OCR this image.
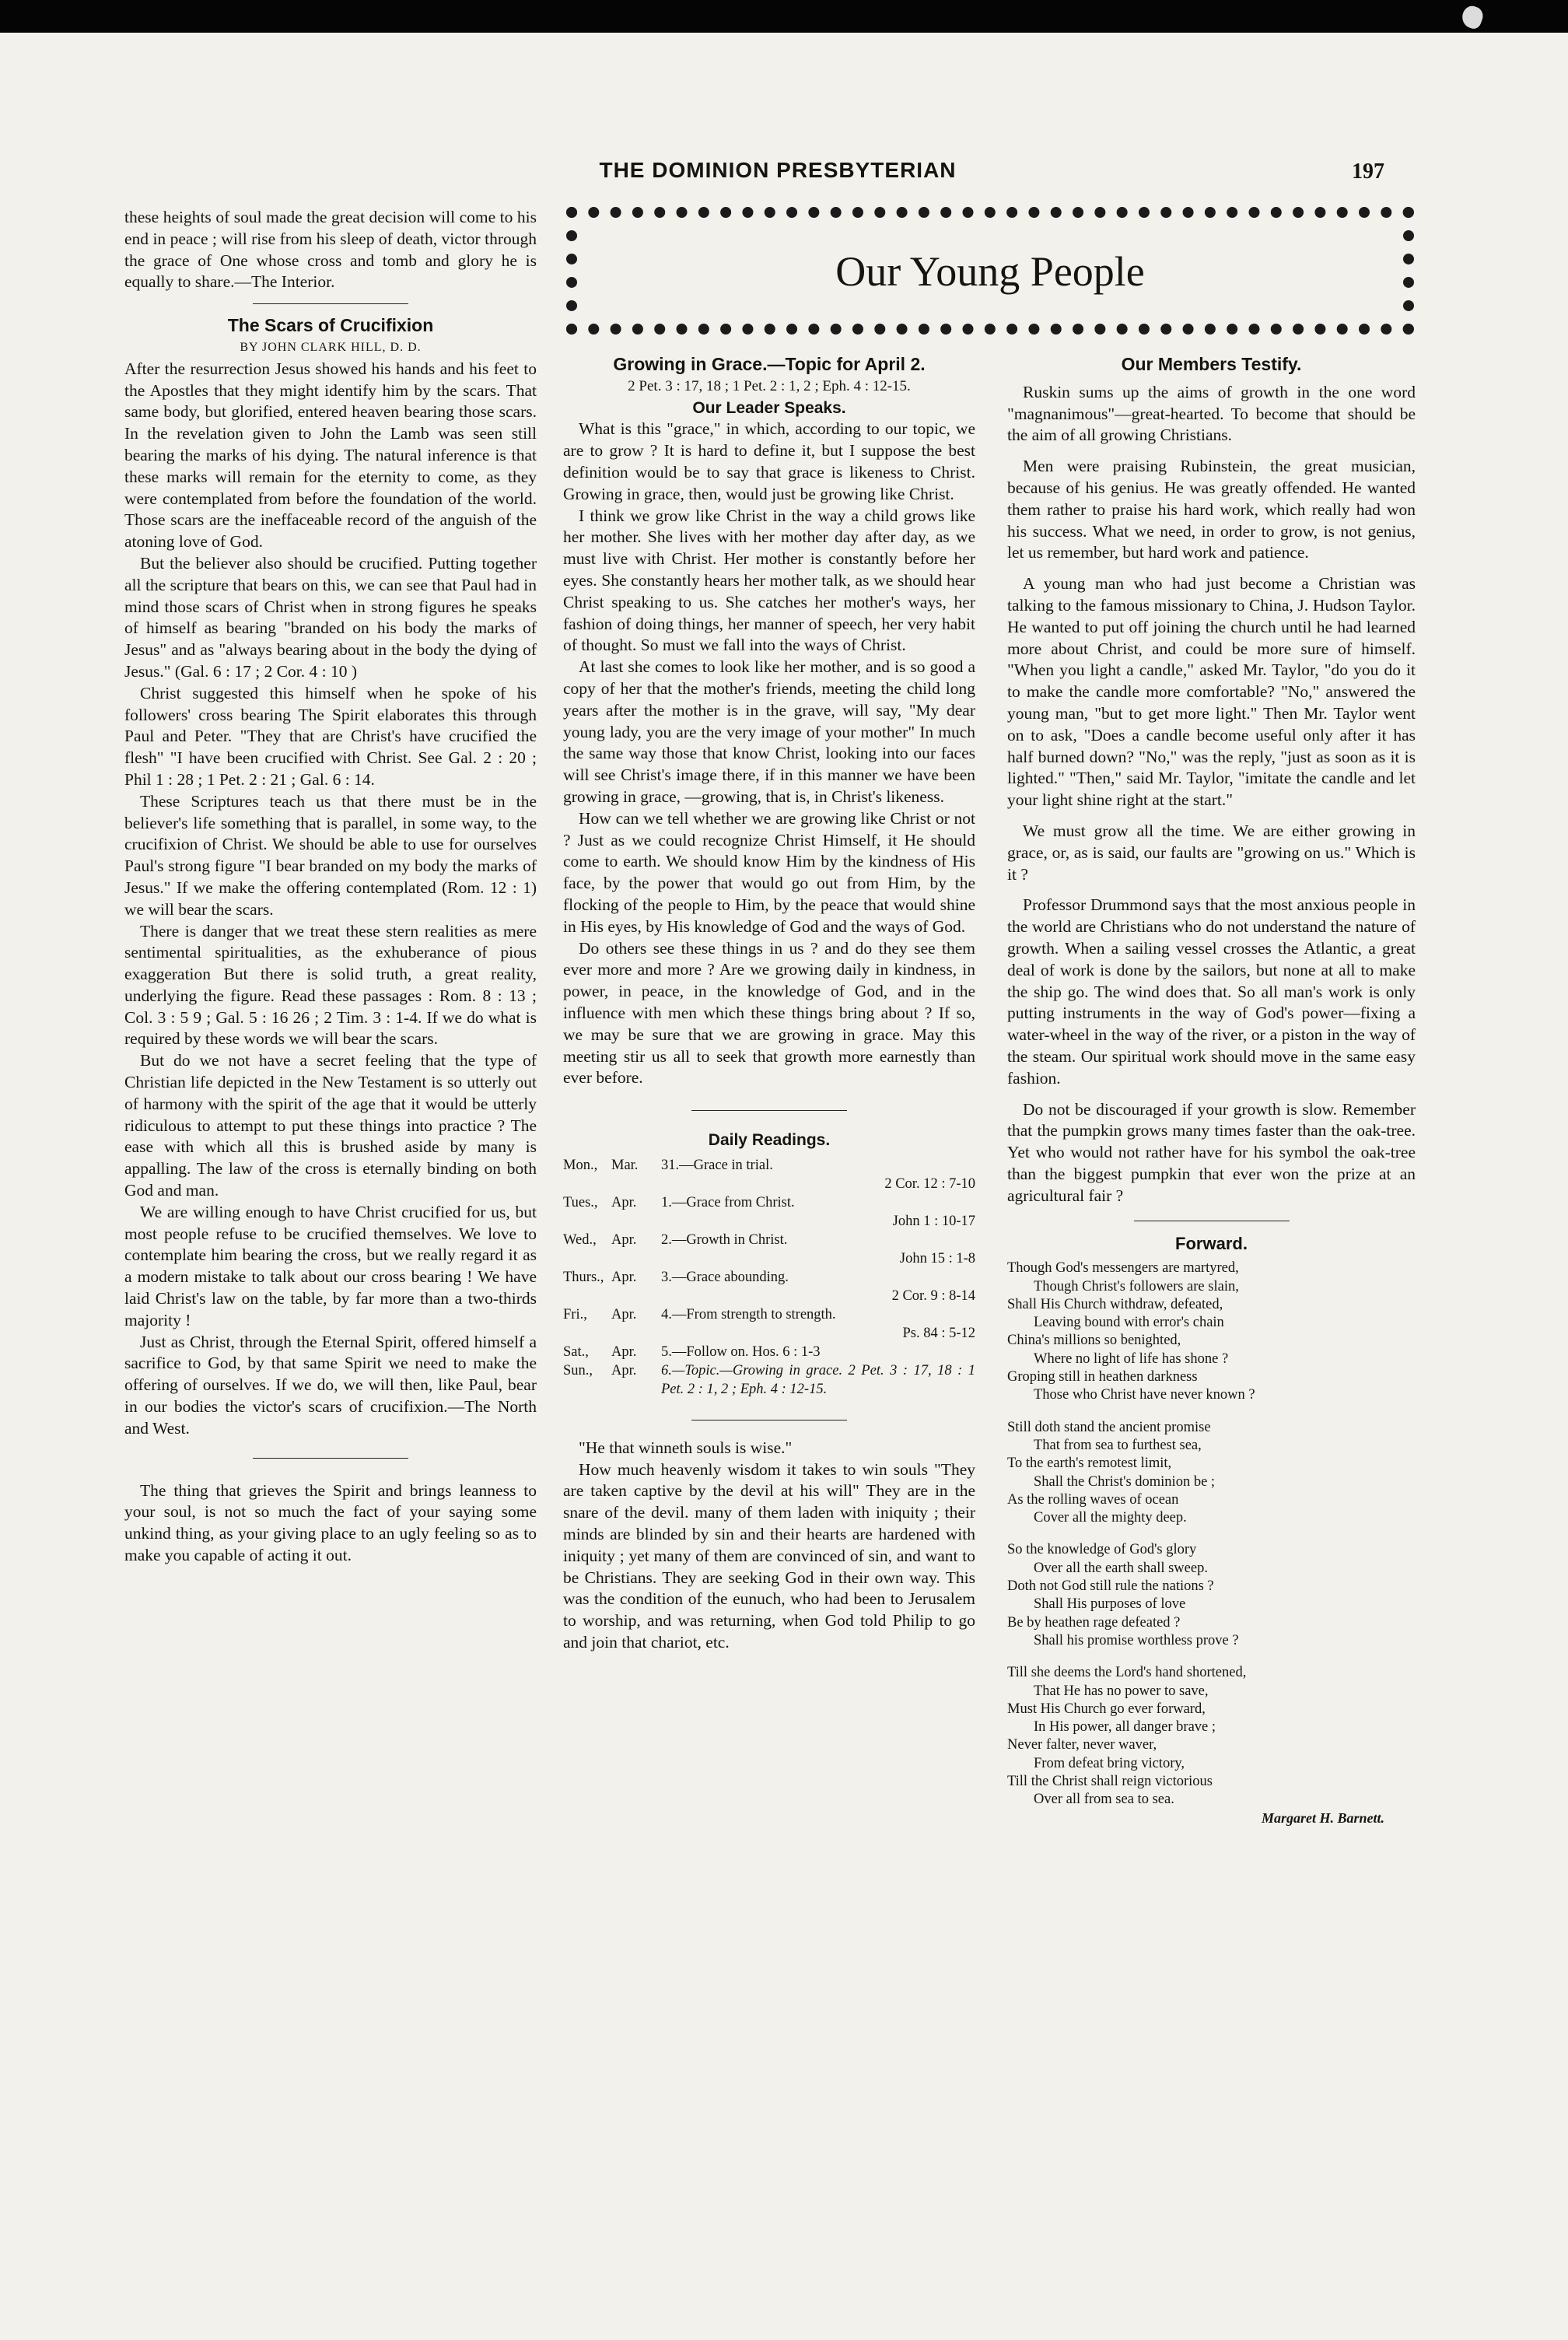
THE DOMINION PRESBYTERIAN	197
Our Young People

these heights of soul made the great decision will come to his end in peace ; will rise from his sleep of death, victor through the grace of One whose cross and tomb and glory he is equally to share.—The Interior.

The Scars of Crucifixion

BY JOHN CLARK HILL, D. D.

After the resurrection Jesus showed his hands and his feet to the Apostles that they might identify him by the scars. That same body, but glorified, entered heaven bearing those scars. In the revelation given to John the Lamb was seen still bearing the marks of his dying. The natural inference is that these marks will remain for the eternity to come, as they were contemplated from before the foundation of the world. Those scars are the ineffaceable record of the anguish of the atoning love of God.

But the believer also should be crucified. Putting together all the scripture that bears on this, we can see that Paul had in mind those scars of Christ when in strong figures he speaks of himself as bearing "branded on his body the marks of Jesus" and as "always bearing about in the body the dying of Jesus." (Gal. 6 : 17 ; 2 Cor. 4 : 10 )

Christ suggested this himself when he spoke of his followers' cross bearing The Spirit elaborates this through Paul and Peter. "They that are Christ's have crucified the flesh" "I have been crucified with Christ. See Gal. 2 : 20 ; Phil 1 : 28 ; 1 Pet. 2 : 21 ; Gal. 6 : 14.

These Scriptures teach us that there must be in the believer's life something that is parallel, in some way, to the crucifixion of Christ. We should be able to use for ourselves Paul's strong figure "I bear branded on my body the marks of Jesus." If we make the offering contemplated (Rom. 12 : 1) we will bear the scars.

There is danger that we treat these stern realities as mere sentimental spiritualities, as the exhuberance of pious exaggeration But there is solid truth, a great reality, underlying the figure. Read these passages : Rom. 8 : 13 ; Col. 3 : 5 9 ; Gal. 5 : 16 26 ; 2 Tim. 3 : 1-4. If we do what is required by these words we will bear the scars.

But do we not have a secret feeling that the type of Christian life depicted in the New Testament is so utterly out of harmony with the spirit of the age that it would be utterly ridiculous to attempt to put these things into practice ? The ease with which all this is brushed aside by many is appalling. The law of the cross is eternally binding on both God and man.

We are willing enough to have Christ crucified for us, but most people refuse to be crucified themselves. We love to contemplate him bearing the cross, but we really regard it as a modern mistake to talk about our cross bearing ! We have laid Christ's law on the table, by far more than a two-thirds majority !

Just as Christ, through the Eternal Spirit, offered himself a sacrifice to God, by that same Spirit we need to make the offering of ourselves. If we do, we will then, like Paul, bear in our bodies the victor's scars of crucifixion.—The North and West.

The thing that grieves the Spirit and brings leanness to your soul, is not so much the fact of your saying some unkind thing, as your giving place to an ugly feeling so as to make you capable of acting it out.

Growing in Grace.—Topic for April 2.

2 Pet. 3 : 17, 18 ; 1 Pet. 2 : 1, 2 ; Eph. 4 : 12-15.

Our Leader Speaks.

What is this "grace," in which, according to our topic, we are to grow ? It is hard to define it, but I suppose the best definition would be to say that grace is likeness to Christ. Growing in grace, then, would just be growing like Christ.

I think we grow like Christ in the way a child grows like her mother. She lives with her mother day after day, as we must live with Christ. Her mother is constantly before her eyes. She constantly hears her mother talk, as we should hear Christ speaking to us. She catches her mother's ways, her fashion of doing things, her manner of speech, her very habit of thought. So must we fall into the ways of Christ.

At last she comes to look like her mother, and is so good a copy of her that the mother's friends, meeting the child long years after the mother is in the grave, will say, "My dear young lady, you are the very image of your mother" In much the same way those that know Christ, looking into our faces will see Christ's image there, if in this manner we have been growing in grace, —growing, that is, in Christ's likeness.

How can we tell whether we are growing like Christ or not ? Just as we could recognize Christ Himself, it He should come to earth. We should know Him by the kindness of His face, by the power that would go out from Him, by the flocking of the people to Him, by the peace that would shine in His eyes, by His knowledge of God and the ways of God.

Do others see these things in us ? and do they see them ever more and more ? Are we growing daily in kindness, in power, in peace, in the knowledge of God, and in the influence with men which these things bring about ? If so, we may be sure that we are growing in grace. May this meeting stir us all to seek that growth more earnestly than ever before.

Daily Readings.

Mon., Mar.	31.—Grace in trial.
2 Cor. 12 : 7-10
Tues., Apr.	1.—Grace from Christ.
John 1 : 10-17
Wed.,	Apr.	2.—Growth in Christ.
John 15 : 1-8
Thurs., Apr.	3.—Grace abounding.
2 Cor. 9 : 8-14
Fri.,	Apr.	4.—From strength to strength.
Ps. 84 : 5-12
Sat.,	Apr.	5.—Follow on. Hos. 6 : 1-3
Sun.,	Apr.	6.—Topic.—Growing in grace. 2 Pet. 3 : 17, 18 : 1 Pet. 2 : 1, 2 ; Eph. 4 : 12-15.

"He that winneth souls is wise."

How much heavenly wisdom it takes to win souls "They are taken captive by the devil at his will" They are in the snare of the devil. many of them laden with iniquity ; their minds are blinded by sin and their hearts are hardened with iniquity ; yet many of them are convinced of sin, and want to be Christians. They are seeking God in their own way. This was the condition of the eunuch, who had been to Jerusalem to worship, and was returning, when God told Philip to go and join that chariot, etc.

Our Members Testify.

Ruskin sums up the aims of growth in the one word "magnanimous"—great-hearted. To become that should be the aim of all growing Christians.

Men were praising Rubinstein, the great musician, because of his genius. He was greatly offended. He wanted them rather to praise his hard work, which really had won his success. What we need, in order to grow, is not genius, let us remember, but hard work and patience.

A young man who had just become a Christian was talking to the famous missionary to China, J. Hudson Taylor. He wanted to put off joining the church until he had learned more about Christ, and could be more sure of himself. "When you light a candle," asked Mr. Taylor, "do you do it to make the candle more comfortable? "No," answered the young man, "but to get more light." Then Mr. Taylor went on to ask, "Does a candle become useful only after it has half burned down? "No," was the reply, "just as soon as it is lighted." "Then," said Mr. Taylor, "imitate the candle and let your light shine right at the start."

We must grow all the time. We are either growing in grace, or, as is said, our faults are "growing on us." Which is it ?

Professor Drummond says that the most anxious people in the world are Christians who do not understand the nature of growth. When a sailing vessel crosses the Atlantic, a great deal of work is done by the sailors, but none at all to make the ship go. The wind does that. So all man's work is only putting instruments in the way of God's power—fixing a water-wheel in the way of the river, or a piston in the way of the steam. Our spiritual work should move in the same easy fashion.

Do not be discouraged if your growth is slow. Remember that the pumpkin grows many times faster than the oak-tree. Yet who would not rather have for his symbol the oak-tree than the biggest pumpkin that ever won the prize at an agricultural fair ?

Forward.

Though God's messengers are martyred,
Though Christ's followers are slain,
Shall His Church withdraw, defeated,
Leaving bound with error's chain
China's millions so benighted,
Where no light of life has shone ?
Groping still in heathen darkness
Those who Christ have never known ?
Still doth stand the ancient promise
That from sea to furthest sea,
To the earth's remotest limit,
Shall the Christ's dominion be ;
As the rolling waves of ocean
Cover all the mighty deep.
So the knowledge of God's glory
Over all the earth shall sweep.
Doth not God still rule the nations ?
Shall His purposes of love
Be by heathen rage defeated ?
Shall his promise worthless prove ?
Till she deems the Lord's hand shortened,
That He has no power to save,
Must His Church go ever forward,
In His power, all danger brave ;
Never falter, never waver,
From defeat bring victory,
Till the Christ shall reign victorious
Over all from sea to sea.
Margaret H. Barnett.
